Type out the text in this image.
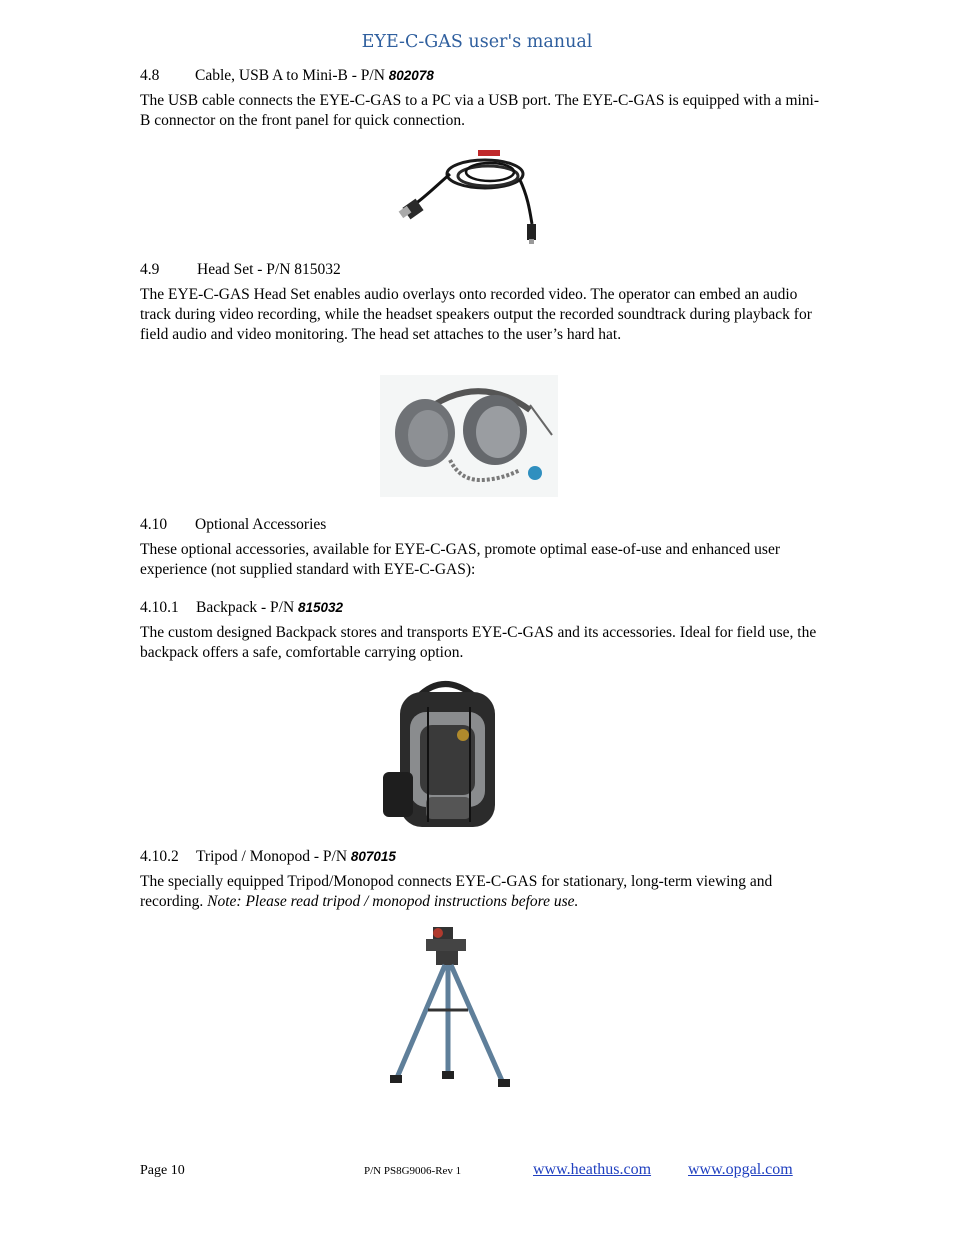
EYE-C-GAS user's manual
4.8 Cable, USB A to Mini-B - P/N 802078
The USB cable connects the EYE-C-GAS to a PC via a USB port. The EYE-C-GAS is equipped with a mini-B connector on the front panel for quick connection.
4.9 Head Set - P/N 815032
The EYE-C-GAS Head Set enables audio overlays onto recorded video. The operator can embed an audio track during video recording, while the headset speakers output the recorded soundtrack during playback for field audio and video monitoring. The head set attaches to the user’s hard hat.
4.10 Optional Accessories
These optional accessories, available for EYE-C-GAS, promote optimal ease-of-use and enhanced user experience (not supplied standard with EYE-C-GAS):
4.10.1 Backpack - P/N 815032
The custom designed Backpack stores and transports EYE-C-GAS and its accessories. Ideal for field use, the backpack offers a safe, comfortable carrying option.
4.10.2 Tripod / Monopod - P/N 807015
The specially equipped Tripod/Monopod connects EYE-C-GAS for stationary, long-term viewing and recording. Note: Please read tripod / monopod instructions before use.
Page 10	P/N PS8G9006-Rev 1	www.heathus.com www.opgal.com
